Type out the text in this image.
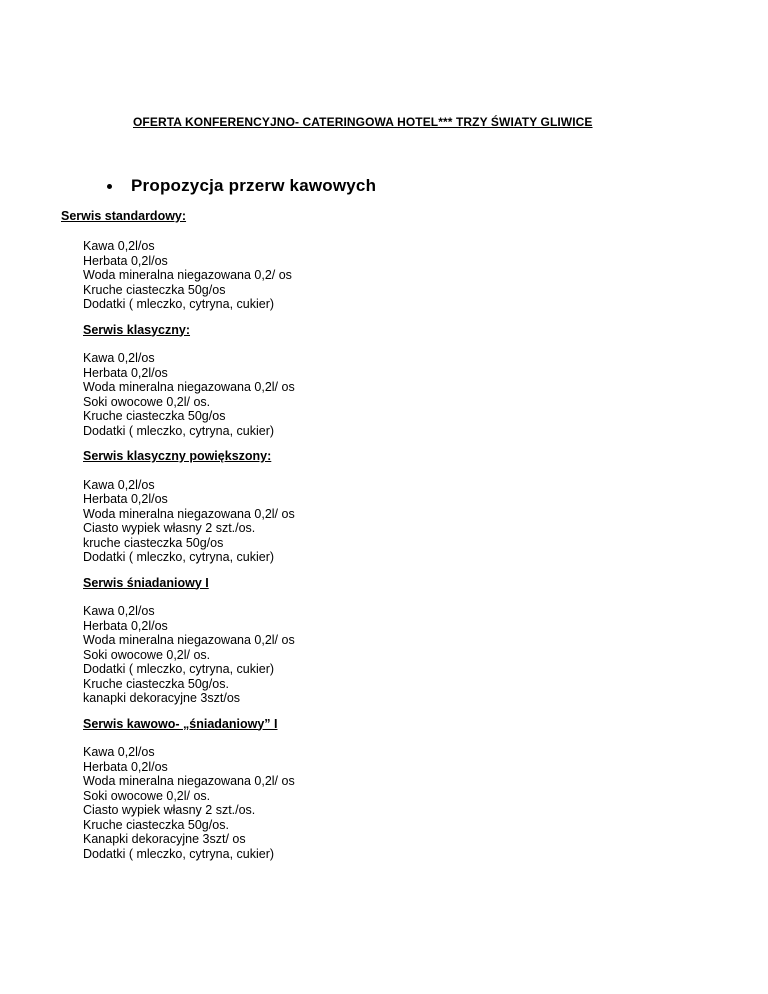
OFERTA KONFERENCYJNO- CATERINGOWA HOTEL*** TRZY ŚWIATY GLIWICE
Propozycja przerw kawowych
Serwis standardowy:
Kawa 0,2l/os
Herbata 0,2l/os
Woda mineralna niegazowana 0,2/ os
Kruche ciasteczka 50g/os
Dodatki ( mleczko, cytryna, cukier)
Serwis klasyczny:
Kawa 0,2l/os
Herbata 0,2l/os
Woda mineralna niegazowana 0,2l/ os
Soki owocowe 0,2l/ os.
Kruche ciasteczka 50g/os
Dodatki ( mleczko, cytryna, cukier)
Serwis klasyczny powiększony:
Kawa 0,2l/os
Herbata 0,2l/os
Woda mineralna niegazowana 0,2l/ os
Ciasto wypiek własny 2 szt./os.
kruche ciasteczka 50g/os
Dodatki ( mleczko, cytryna, cukier)
Serwis śniadaniowy I
Kawa 0,2l/os
Herbata 0,2l/os
Woda mineralna niegazowana 0,2l/ os
Soki owocowe 0,2l/ os.
Dodatki ( mleczko, cytryna, cukier)
Kruche ciasteczka 50g/os.
kanapki dekoracyjne 3szt/os
Serwis kawowo- „śniadaniowy” I
Kawa 0,2l/os
Herbata 0,2l/os
Woda mineralna niegazowana 0,2l/ os
Soki owocowe 0,2l/ os.
Ciasto wypiek własny 2 szt./os.
Kruche ciasteczka 50g/os.
Kanapki dekoracyjne 3szt/ os
Dodatki ( mleczko, cytryna, cukier)
